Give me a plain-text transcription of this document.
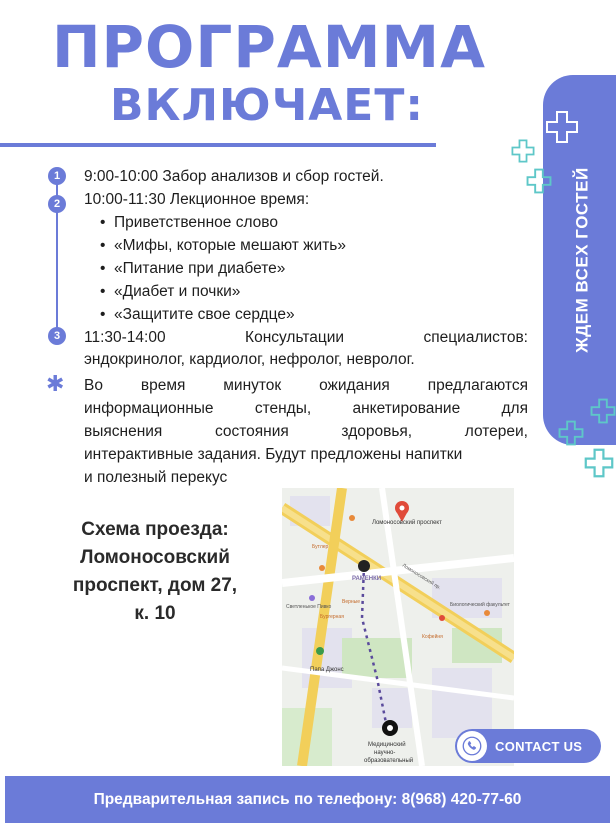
ПРОГРАММА
ВКЛЮЧАЕТ:
1
2
3
✱
9:00-10:00 Забор анализов и сбор гостей.
10:00-11:30 Лекционное время:
• Приветственное слово
• «Мифы, которые мешают жить»
• «Питание при диабете»
• «Диабет и почки»
• «Защитите свое сердце»
11:30-14:00	Консультации	специалистов:
эндокринолог, кардиолог, нефролог, невролог.
Во время минуток ожидания предлагаются
информационные	стенды,	анкетирование	для
выяснения	состояния	здоровья,	лотереи,
интерактивные задания. Будут предложены напитки
и полезный перекус
ЖДЕМ ВСЕХ ГОСТЕЙ
Схема проезда:
Ломоносовский
проспект, дом 27,
к. 10
Ломоносовский проспект
Ломоносовский пр.
РАМЕНКИ
Папа Джонс
Бутлер
Светленькое Пивко
Верные
Бургерная
Кофейня
Биологический факультет
Медицинский
научно-
образовательный
CONTACT US
Предварительная запись по телефону: 8(968) 420-77-60
